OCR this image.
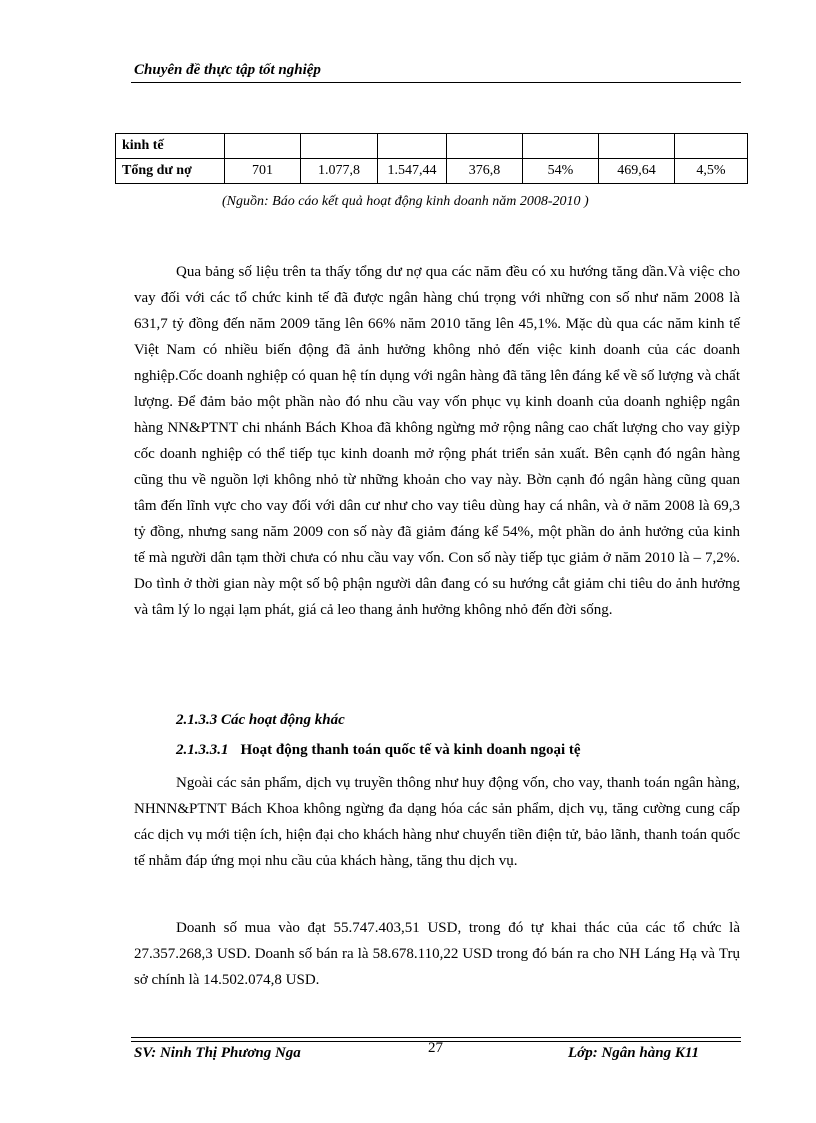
Chuyên đề thực tập tốt nghiệp
kinh tế							
Tổng dư nợ	701	1.077,8	1.547,44	376,8	54%	469,64	4,5%
(Nguồn: Báo cáo kết quả hoạt động kinh doanh năm 2008-2010 )

Qua bảng số liệu trên ta thấy tổng dư nợ qua các năm đều có xu hướng tăng dần.Và việc cho vay đối với các tổ chức kinh tế đã được ngân hàng chú trọng với những con số như năm 2008 là 631,7 tỷ đồng đến năm 2009 tăng lên 66% năm 2010 tăng lên 45,1%. Mặc dù qua các năm kinh tế Việt Nam có nhiều biến động đã ảnh hưởng không nhỏ đến việc kinh doanh của các doanh nghiệp.Cốc doanh nghiệp có quan hệ tín dụng với ngân hàng đã tăng lên đáng kể về số lượng và chất lượng. Để đảm bảo một phần nào đó nhu cầu vay vốn phục vụ kinh doanh của doanh nghiệp ngân hàng NN&PTNT chi nhánh Bách Khoa đã không ngừng mở rộng nâng cao chất lượng cho vay giỳp cốc doanh nghiệp có thể tiếp tục kinh doanh mở rộng phát triển sản xuất. Bên cạnh đó ngân hàng cũng thu về nguồn lợi không nhỏ từ những khoản cho vay này. Bờn cạnh đó ngân hàng cũng quan tâm đến lĩnh vực cho vay đối với dân cư như cho vay tiêu dùng hay cá nhân, và ở năm 2008 là 69,3 tỷ đồng, nhưng sang năm 2009 con số này đã giảm đáng kể 54%, một phần do ảnh hưởng của kinh tế mà người dân tạm thời chưa có nhu cầu vay vốn. Con số này tiếp tục giảm ở năm 2010 là – 7,2%. Do tình ở thời gian này một số bộ phận người dân đang có su hướng cắt giảm chi tiêu do ảnh hưởng và tâm lý lo ngại lạm phát, giá cả leo thang ảnh hưởng không nhỏ đến đời sống.

2.1.3.3 Các hoạt động khác
2.1.3.3.1 Hoạt động thanh toán quốc tế và kinh doanh ngoại tệ

Ngoài các sản phẩm, dịch vụ truyền thông như huy động vốn, cho vay, thanh toán ngân hàng, NHNN&PTNT Bách Khoa không ngừng đa dạng hóa các sản phẩm, dịch vụ, tăng cường cung cấp các dịch vụ mới tiện ích, hiện đại cho khách hàng như chuyển tiền điện tử, bảo lãnh, thanh toán quốc tế nhằm đáp ứng mọi nhu cầu của khách hàng, tăng thu dịch vụ.

Doanh số mua vào đạt 55.747.403,51 USD, trong đó tự khai thác của các tổ chức là 27.357.268,3 USD. Doanh số bán ra là 58.678.110,22 USD trong đó bán ra cho NH Láng Hạ và Trụ sở chính là 14.502.074,8 USD.

SV: Ninh Thị Phương Nga	27	Lớp: Ngân hàng K11
